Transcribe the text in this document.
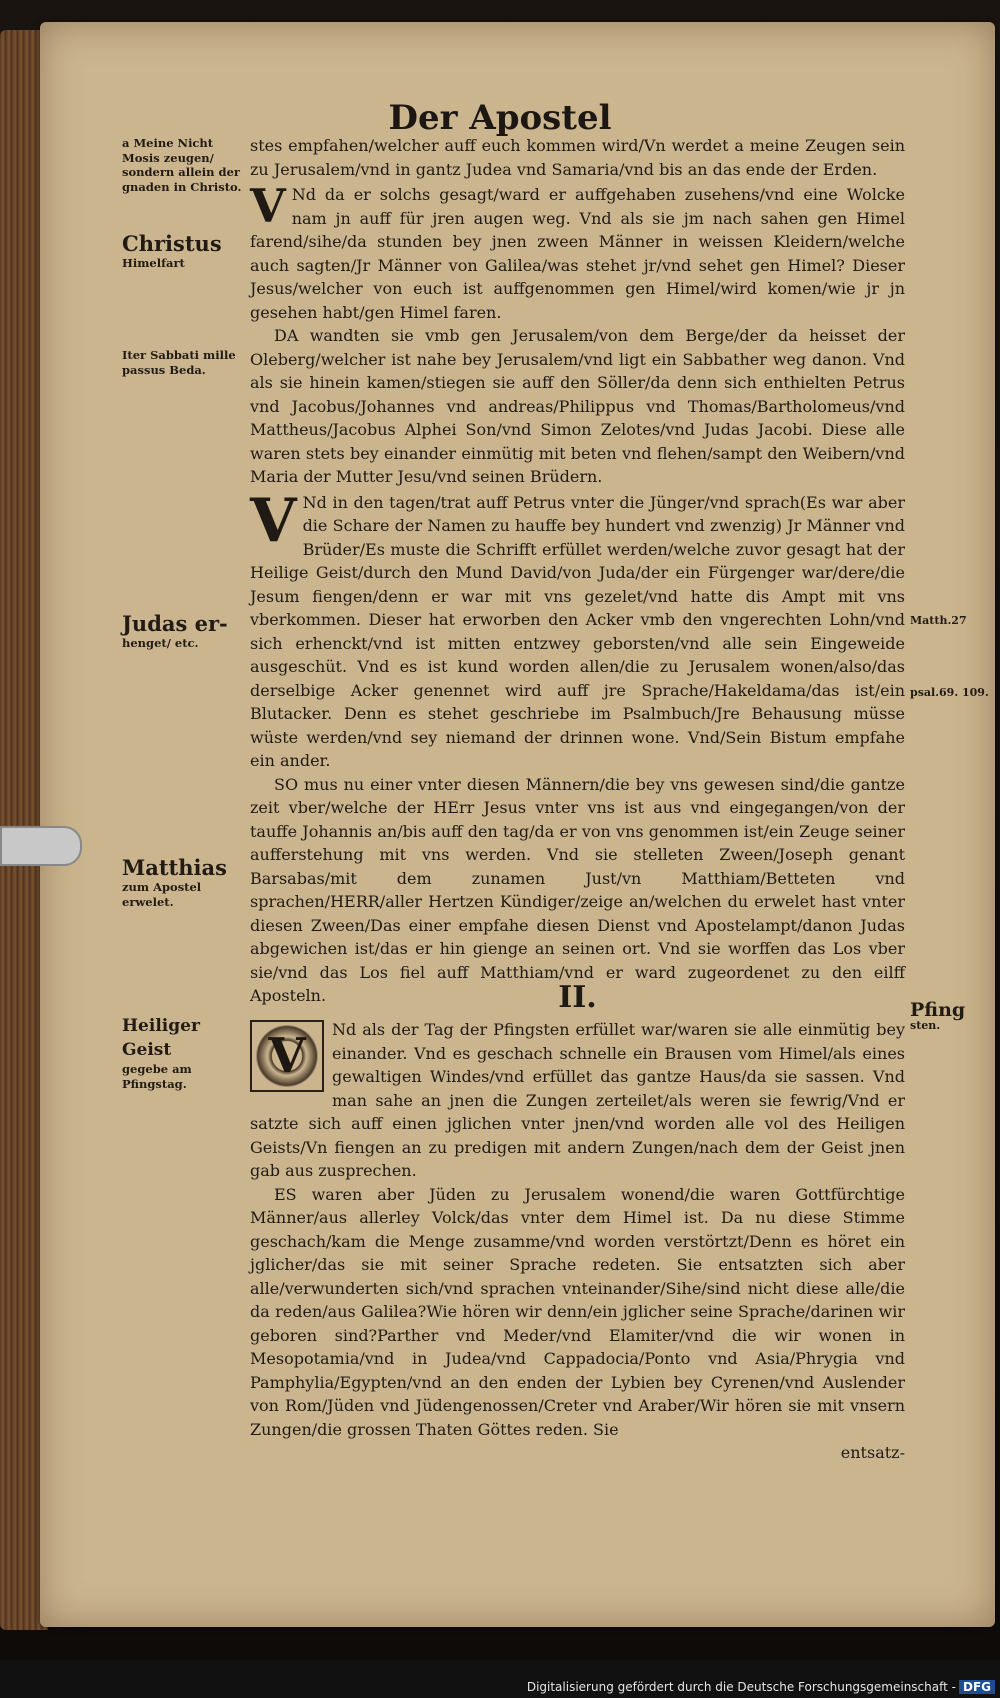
Der Apostel
a Meine Nicht Mosis zeugen/ sondern allein der gnaden in Christo.
Christus
Himelfart
Iter Sabbati mille passus Beda.
Judas er-
henget/ etc.
Matthias
zum Apostel erwelet.
Heiliger Geist
gegebe am Pfingstag.
Matth.27
psal.69. 109.
Pfing
sten.

stes empfahen/welcher auff euch kommen wird/Vn werdet a meine Zeugen sein zu Jerusalem/vnd in gantz Judea vnd Samaria/vnd bis an das ende der Erden.

V Nd da er solchs gesagt/ward er auffgehaben zusehens/vnd eine Wolcke nam jn auff für jren augen weg. Vnd als sie jm nach sahen gen Himel farend/sihe/da stunden bey jnen zween Männer in weissen Kleidern/welche auch sagten/Jr Männer von Galilea/was stehet jr/vnd sehet gen Himel? Dieser Jesus/welcher von euch ist auffgenommen gen Himel/wird komen/wie jr jn gesehen habt/gen Himel faren.

DA wandten sie vmb gen Jerusalem/von dem Berge/der da heisset der Oleberg/welcher ist nahe bey Jerusalem/vnd ligt ein Sabbather weg danon. Vnd als sie hinein kamen/stiegen sie auff den Söller/da denn sich enthielten Petrus vnd Jacobus/Johannes vnd andreas/Philippus vnd Thomas/Bartholomeus/vnd Mattheus/Jacobus Alphei Son/vnd Simon Zelotes/vnd Judas Jacobi. Diese alle waren stets bey einander einmütig mit beten vnd flehen/sampt den Weibern/vnd Maria der Mutter Jesu/vnd seinen Brüdern.

V Nd in den tagen/trat auff Petrus vnter die Jünger/vnd sprach(Es war aber die Schare der Namen zu hauffe bey hundert vnd zwenzig) Jr Männer vnd Brüder/Es muste die Schrifft erfüllet werden/welche zuvor gesagt hat der Heilige Geist/durch den Mund David/von Juda/der ein Fürgenger war/dere/die Jesum fiengen/denn er war mit vns gezelet/vnd hatte dis Ampt mit vns vberkommen. Dieser hat erworben den Acker vmb den vngerechten Lohn/vnd sich erhenckt/vnd ist mitten entzwey geborsten/vnd alle sein Eingeweide ausgeschüt. Vnd es ist kund worden allen/die zu Jerusalem wonen/also/das derselbige Acker genennet wird auff jre Sprache/Hakeldama/das ist/ein Blutacker. Denn es stehet geschriebe im Psalmbuch/Jre Behausung müsse wüste werden/vnd sey niemand der drinnen wone. Vnd/Sein Bistum empfahe ein ander.

SO mus nu einer vnter diesen Männern/die bey vns gewesen sind/die gantze zeit vber/welche der HErr Jesus vnter vns ist aus vnd eingegangen/von der tauffe Johannis an/bis auff den tag/da er von vns genommen ist/ein Zeuge seiner aufferstehung mit vns werden. Vnd sie stelleten Zween/Joseph genant Barsabas/mit dem zunamen Just/vn Matthiam/Betteten vnd sprachen/HERR/aller Hertzen Kündiger/zeige an/welchen du erwelet hast vnter diesen Zween/Das einer empfahe diesen Dienst vnd Apostelampt/danon Judas abgewichen ist/das er hin gienge an seinen ort. Vnd sie worffen das Los vber sie/vnd das Los fiel auff Matthiam/vnd er ward zugeordenet zu den eilff Aposteln.	II.

V	Nd als der Tag der Pfingsten erfüllet war/waren sie alle einmütig bey einander. Vnd es geschach schnelle ein Brausen vom Himel/als eines gewaltigen Windes/vnd erfüllet das gantze Haus/da sie sassen. Vnd man sahe an jnen die Zungen zerteilet/als weren sie fewrig/Vnd er satzte sich auff einen jglichen vnter jnen/vnd worden alle vol des Heiligen Geists/Vn fiengen an zu predigen mit andern Zungen/nach dem der Geist jnen gab aus zusprechen.

ES waren aber Jüden zu Jerusalem wonend/die waren Gottfürchtige Männer/aus allerley Volck/das vnter dem Himel ist. Da nu diese Stimme geschach/kam die Menge zusamme/vnd worden verstörtzt/Denn es höret ein jglicher/das sie mit seiner Sprache redeten. Sie entsatzten sich aber alle/verwunderten sich/vnd sprachen vnteinander/Sihe/sind nicht diese alle/die da reden/aus Galilea?Wie hören wir denn/ein jglicher seine Sprache/darinen wir geboren sind?Parther vnd Meder/vnd Elamiter/vnd die wir wonen in Mesopotamia/vnd in Judea/vnd Cappadocia/Ponto vnd Asia/Phrygia vnd Pamphylia/Egypten/vnd an den enden der Lybien bey Cyrenen/vnd Auslender von Rom/Jüden vnd Jüdengenossen/Creter vnd Araber/Wir hören sie mit vnsern Zungen/die grossen Thaten Göttes reden. Sie

entsatz-

Digitalisierung gefördert durch die Deutsche Forschungsgemeinschaft - DFG
